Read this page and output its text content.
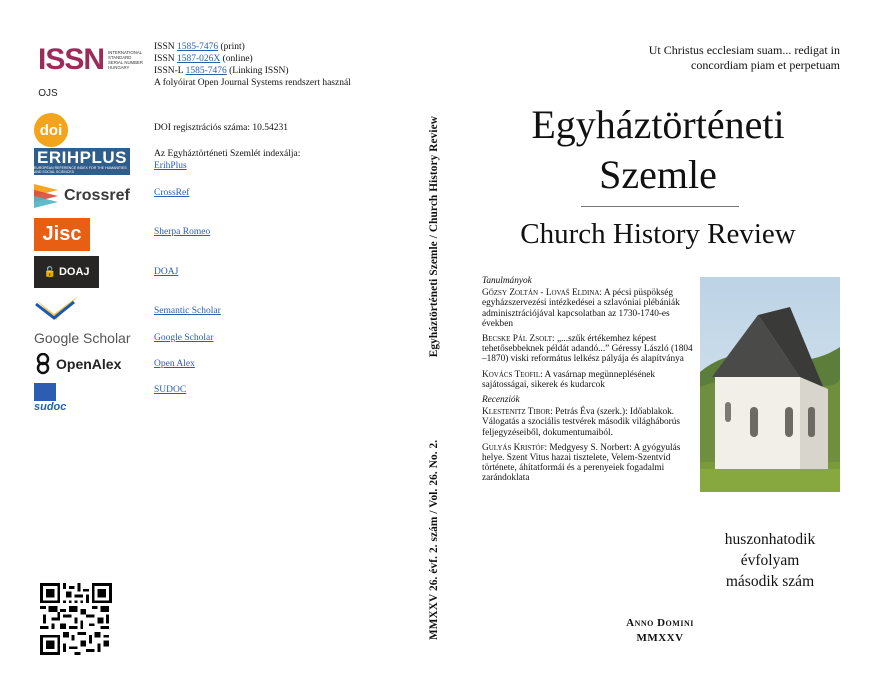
ISSN INTERNATIONAL STANDARD SERIAL NUMBER HUNGARY
OJS
doi
ERIHPLUS
EUROPEAN REFERENCE INDEX FOR THE HUMANITIES AND SOCIAL SCIENCES
Crossref
Jisc
🔓 DOAJ
Google Scholar
OpenAlex
sudoc
ISSN 1585-7476 (print)
ISSN 1587-026X (online)
ISSN-L 1585-7476 (Linking ISSN)
A folyóirat Open Journal Systems rendszert használ
DOI regisztrációs száma: 10.54231
Az Egyháztörténeti Szemlét indexálja:
ErihPlus
CrossRef
Sherpa Romeo
DOAJ
Semantic Scholar
Google Scholar
Open Alex
SUDOC
MMXXV 26. évf. 2. szám / Vol. 26. No. 2.
Egyháztörténeti Szemle / Church History Review
Ut Christus ecclesiam suam... redigat in
concordiam piam et perpetuam
Egyháztörténeti
Szemle
Church History Review
Tanulmányok
Gőzsy Zoltán - Lovaš Eldina: A pécsi püspökség egyházszervezési intézkedései a szlavóniai plébániák adminisztrációjával kapcsolatban az 1730-1740-es években
Becske Pál Zsolt: „...szűk értékemhez képest tehetősebbeknek példát adandó...” Géressy László (1804 –1870) viski református lelkész pályája és alapítványa
Kovács Teofil: A vasárnap megünneplésének sajátosságai, sikerek és kudarcok
Recenziók
Klestenitz Tibor: Petrás Éva (szerk.): Időablakok. Válogatás a szociális testvérek második világháborús feljegyzéseiből, dokumentumaiból.
Gulyás Kristóf: Medgyesy S. Norbert: A gyógyulás helye. Szent Vitus hazai tisztelete, Velem-Szentvid története, áhítatformái és a perenyeiek fogadalmi zarándoklata
huszonhatodik
évfolyam
második szám
Anno Domini
MMXXV
